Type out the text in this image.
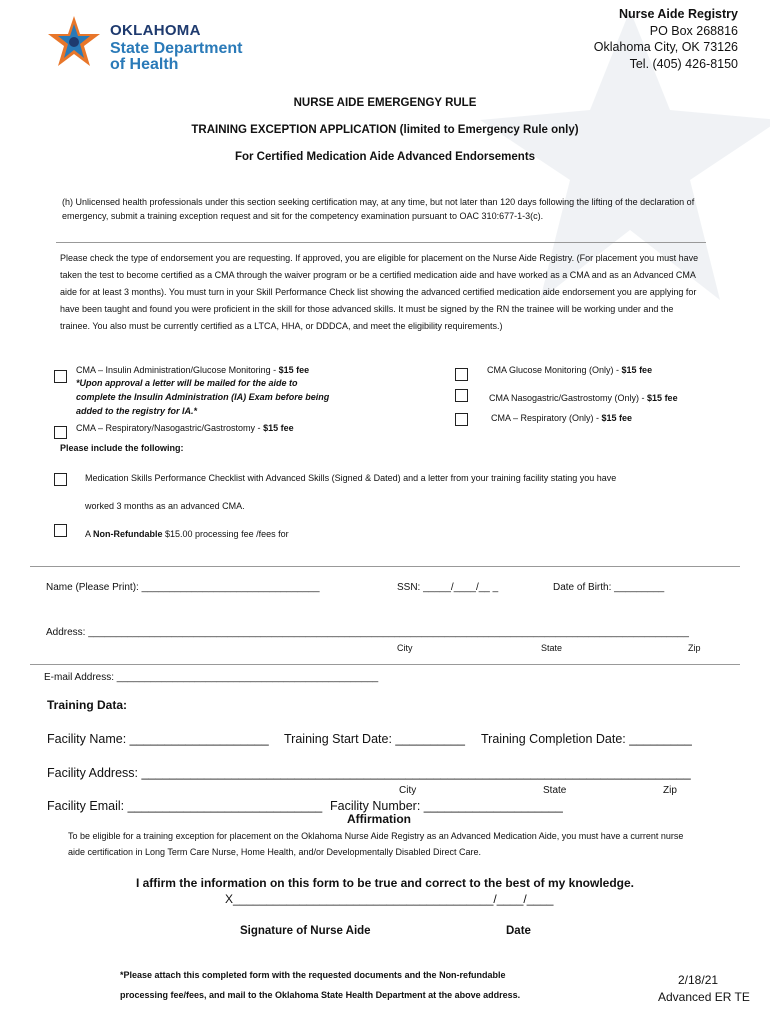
OKLAHOMA
State Department
of Health
Nurse Aide Registry
PO Box 268816
Oklahoma City, OK 73126
Tel. (405) 426-8150
NURSE AIDE EMERGENGY RULE
TRAINING EXCEPTION APPLICATION (limited to Emergency Rule only)
For Certified Medication Aide Advanced Endorsements
(h) Unlicensed health professionals under this section seeking certification may, at any time, but not later than 120 days following the lifting of the declaration of emergency, submit a training exception request and sit for the competency examination pursuant to OAC 310:677-1-3(c).
Please check the type of endorsement you are requesting. If approved, you are eligible for placement on the Nurse Aide Registry. (For placement you must have taken the test to become certified as a CMA through the waiver program or be a certified medication aide and have worked as a CMA and as an Advanced CMA aide for at least 3 months). You must turn in your Skill Performance Check list showing the advanced certified medication aide endorsement you are applying for have been taught and found you were proficient in the skill for those advanced skills. It must be signed by the RN the trainee will be working under and the trainee. You also must be currently certified as a LTCA, HHA, or DDDCA, and meet the eligibility requirements.)
CMA – Insulin Administration/Glucose Monitoring - $15 fee
*Upon approval a letter will be mailed for the aide to
complete the Insulin Administration (IA) Exam before being
added to the registry for IA.*
CMA – Respiratory/Nasogastric/Gastrostomy - $15 fee
CMA Glucose Monitoring (Only) - $15 fee
CMA Nasogastric/Gastrostomy (Only) - $15 fee
CMA – Respiratory (Only) - $15 fee
Please include the following:
Medication Skills Performance Checklist with Advanced Skills (Signed & Dated) and a letter from your training facility stating you have
worked 3 months as an advanced CMA.
A Non-Refundable $15.00 processing fee /fees for
Name (Please Print): ________________________________	SSN: _____/____/__ _	Date of Birth: _________
Address: ____________________________________________________________________________________________________________
City	State	Zip
E-mail Address: _______________________________________________
Training Data:
Facility Name: ____________________ Training Start Date: __________ Training Completion Date: _________
Facility Address: _______________________________________________________________________________
City	State	Zip
Facility Email: ____________________________ Facility Number: ____________________
Affirmation
To be eligible for a training exception for placement on the Oklahoma Nurse Aide Registry as an Advanced Medication Aide, you must have a current nurse aide certification in Long Term Care Nurse, Home Health, and/or Developmentally Disabled Direct Care.
I affirm the information on this form to be true and correct to the best of my knowledge.
X__________________________________ _____/____/____
Signature of Nurse Aide	Date
*Please attach this completed form with the requested documents and the Non-refundable
processing fee/fees, and mail to the Oklahoma State Health Department at the above address.
2/18/21
Advanced ER TE
